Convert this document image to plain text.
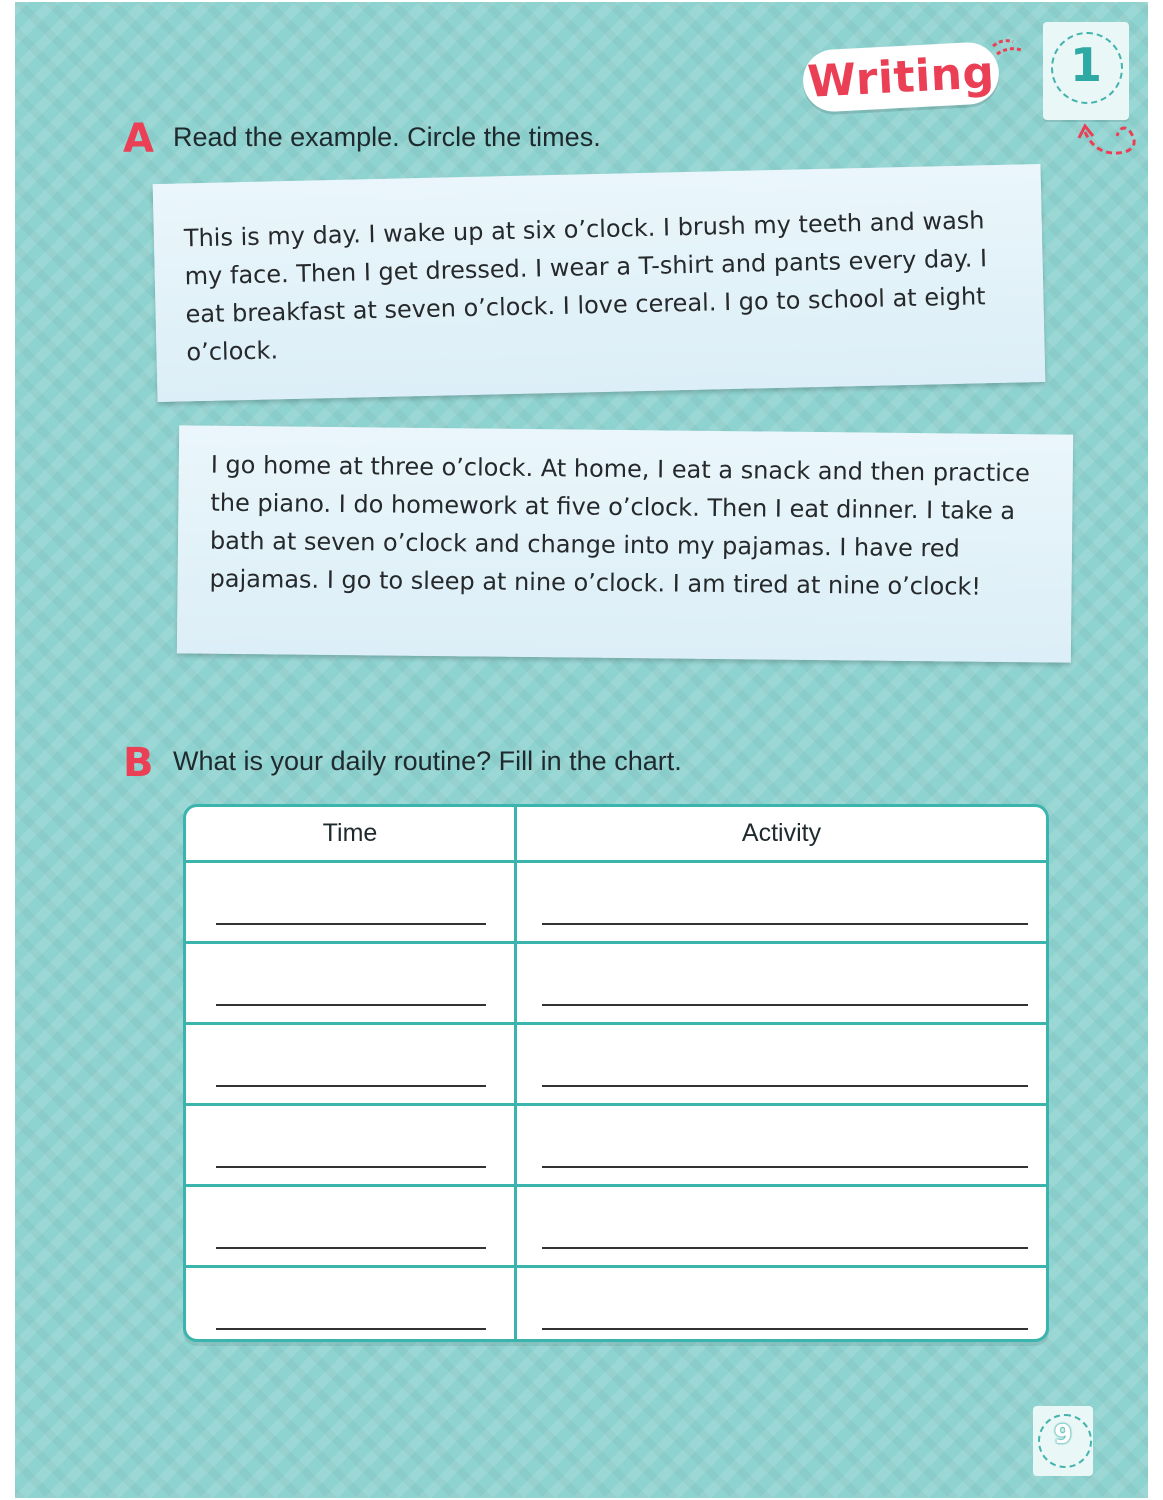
Writing	1
A Read the example. Circle the times.

This is my day. I wake up at six o’clock. I brush my teeth and wash my face. Then I get dressed. I wear a T-shirt and pants every day. I eat breakfast at seven o’clock. I love cereal. I go to school at eight o’clock.

I go home at three o’clock. At home, I eat a snack and then practice the piano. I do homework at five o’clock. Then I eat dinner. I take a bath at seven o’clock and change into my pajamas. I have red pajamas. I go to sleep at nine o’clock. I am tired at nine o’clock!

B What is your daily routine? Fill in the chart.
Time	Activity
9
